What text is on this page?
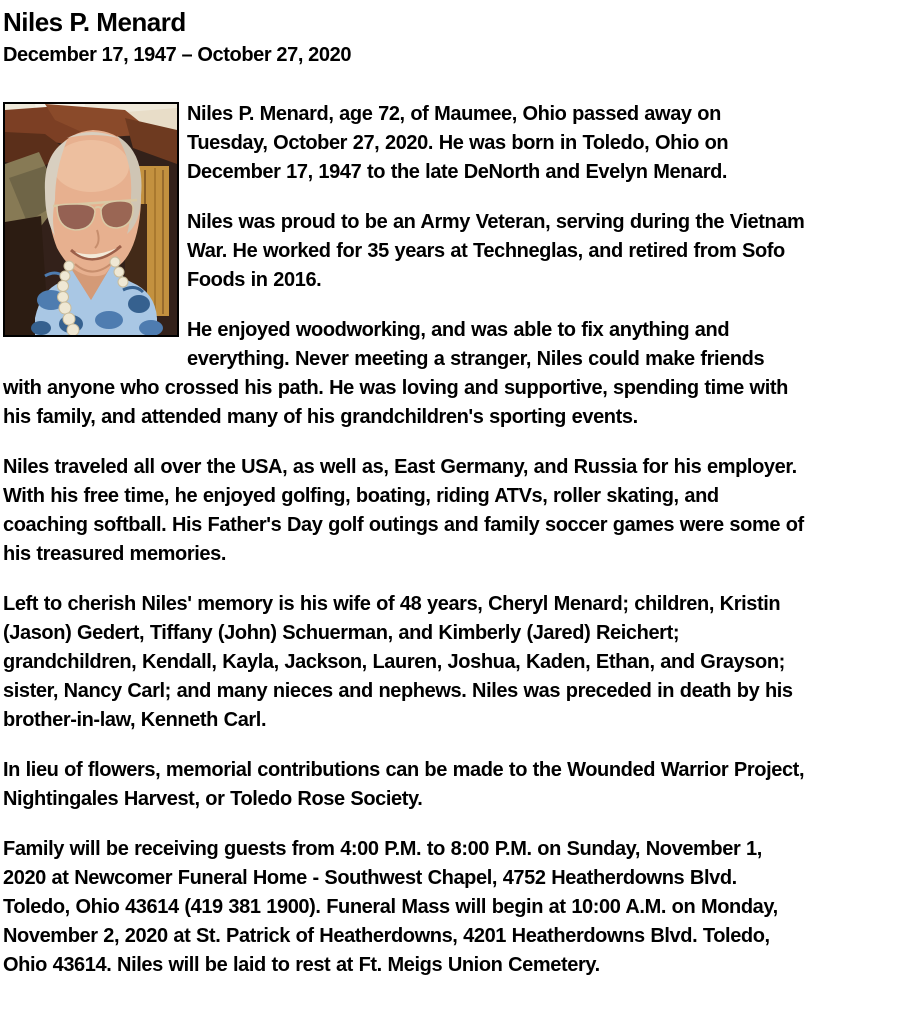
Niles P. Menard
December 17, 1947 – October 27, 2020

Niles P. Menard, age 72, of Maumee, Ohio passed away on Tuesday, October 27, 2020. He was born in Toledo, Ohio on December 17, 1947 to the late DeNorth and Evelyn Menard.

Niles was proud to be an Army Veteran, serving during the Vietnam War. He worked for 35 years at Techneglas, and retired from Sofo Foods in 2016.

He enjoyed woodworking, and was able to fix anything and everything. Never meeting a stranger, Niles could make friends with anyone who crossed his path. He was loving and supportive, spending time with his family, and attended many of his grandchildren's sporting events.

Niles traveled all over the USA, as well as, East Germany, and Russia for his employer. With his free time, he enjoyed golfing, boating, riding ATVs, roller skating, and coaching softball. His Father's Day golf outings and family soccer games were some of his treasured memories.

Left to cherish Niles' memory is his wife of 48 years, Cheryl Menard; children, Kristin (Jason) Gedert, Tiffany (John) Schuerman, and Kimberly (Jared) Reichert; grandchildren, Kendall, Kayla, Jackson, Lauren, Joshua, Kaden, Ethan, and Grayson; sister, Nancy Carl; and many nieces and nephews. Niles was preceded in death by his brother-in-law, Kenneth Carl.

In lieu of flowers, memorial contributions can be made to the Wounded Warrior Project, Nightingales Harvest, or Toledo Rose Society.

Family will be receiving guests from 4:00 P.M. to 8:00 P.M. on Sunday, November 1, 2020 at Newcomer Funeral Home - Southwest Chapel, 4752 Heatherdowns Blvd. Toledo, Ohio 43614 (419 381 1900). Funeral Mass will begin at 10:00 A.M. on Monday, November 2, 2020 at St. Patrick of Heatherdowns, 4201 Heatherdowns Blvd. Toledo, Ohio 43614. Niles will be laid to rest at Ft. Meigs Union Cemetery.
